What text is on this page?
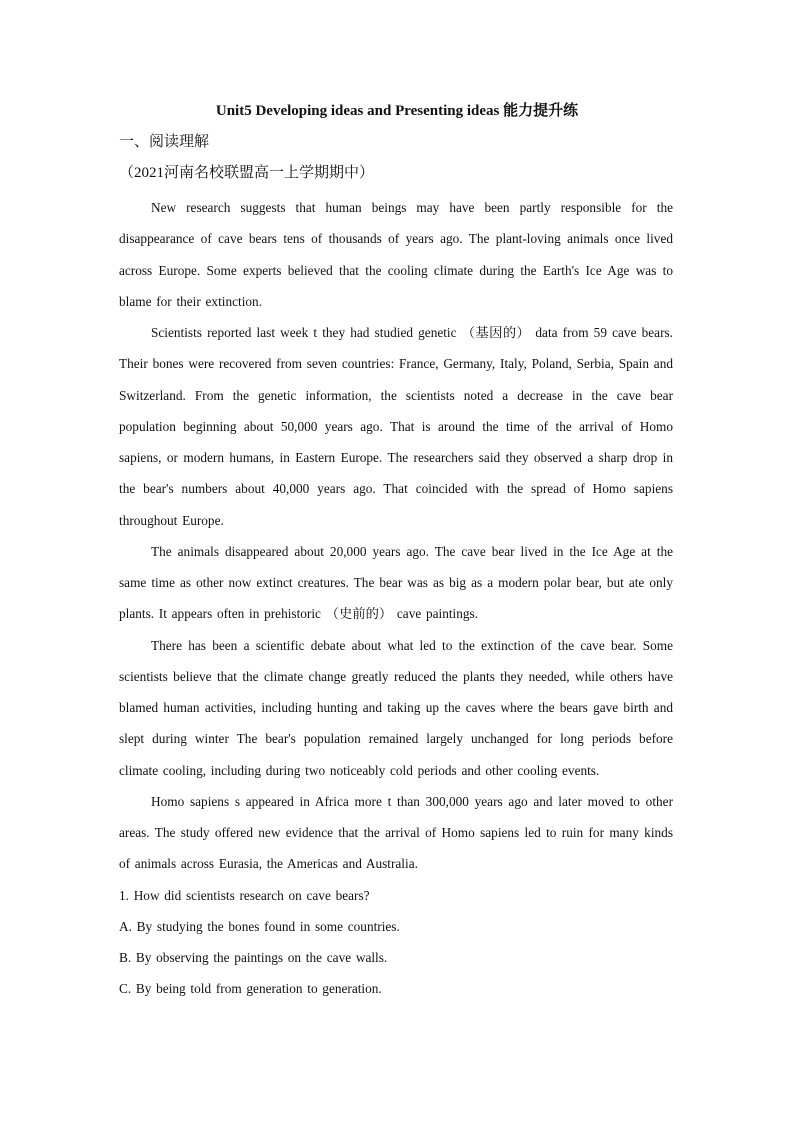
Unit5 Developing ideas and Presenting ideas 能力提升练
一、阅读理解
（2021河南名校联盟高一上学期期中）

New research suggests that human beings may have been partly responsible for the disappearance of cave bears tens of thousands of years ago. The plant-loving animals once lived across Europe. Some experts believed that the cooling climate during the Earth's Ice Age was to blame for their extinction.

Scientists reported last week t they had studied genetic （基因的） data from 59 cave bears. Their bones were recovered from seven countries: France, Germany, Italy, Poland, Serbia, Spain and Switzerland. From the genetic information, the scientists noted a decrease in the cave bear population beginning about 50,000 years ago. That is around the time of the arrival of Homo sapiens, or modern humans, in Eastern Europe. The researchers said they observed a sharp drop in the bear's numbers about 40,000 years ago. That coincided with the spread of Homo sapiens throughout Europe.

The animals disappeared about 20,000 years ago. The cave bear lived in the Ice Age at the same time as other now extinct creatures. The bear was as big as a modern polar bear, but ate only plants. It appears often in prehistoric （史前的） cave paintings.

There has been a scientific debate about what led to the extinction of the cave bear. Some scientists believe that the climate change greatly reduced the plants they needed, while others have blamed human activities, including hunting and taking up the caves where the bears gave birth and slept during winter The bear's population remained largely unchanged for long periods before climate cooling, including during two noticeably cold periods and other cooling events.

Homo sapiens s appeared in Africa more t than 300,000 years ago and later moved to other areas. The study offered new evidence that the arrival of Homo sapiens led to ruin for many kinds of animals across Eurasia, the Americas and Australia.

1. How did scientists research on cave bears?

A. By studying the bones found in some countries.

B. By observing the paintings on the cave walls.

C. By being told from generation to generation.
